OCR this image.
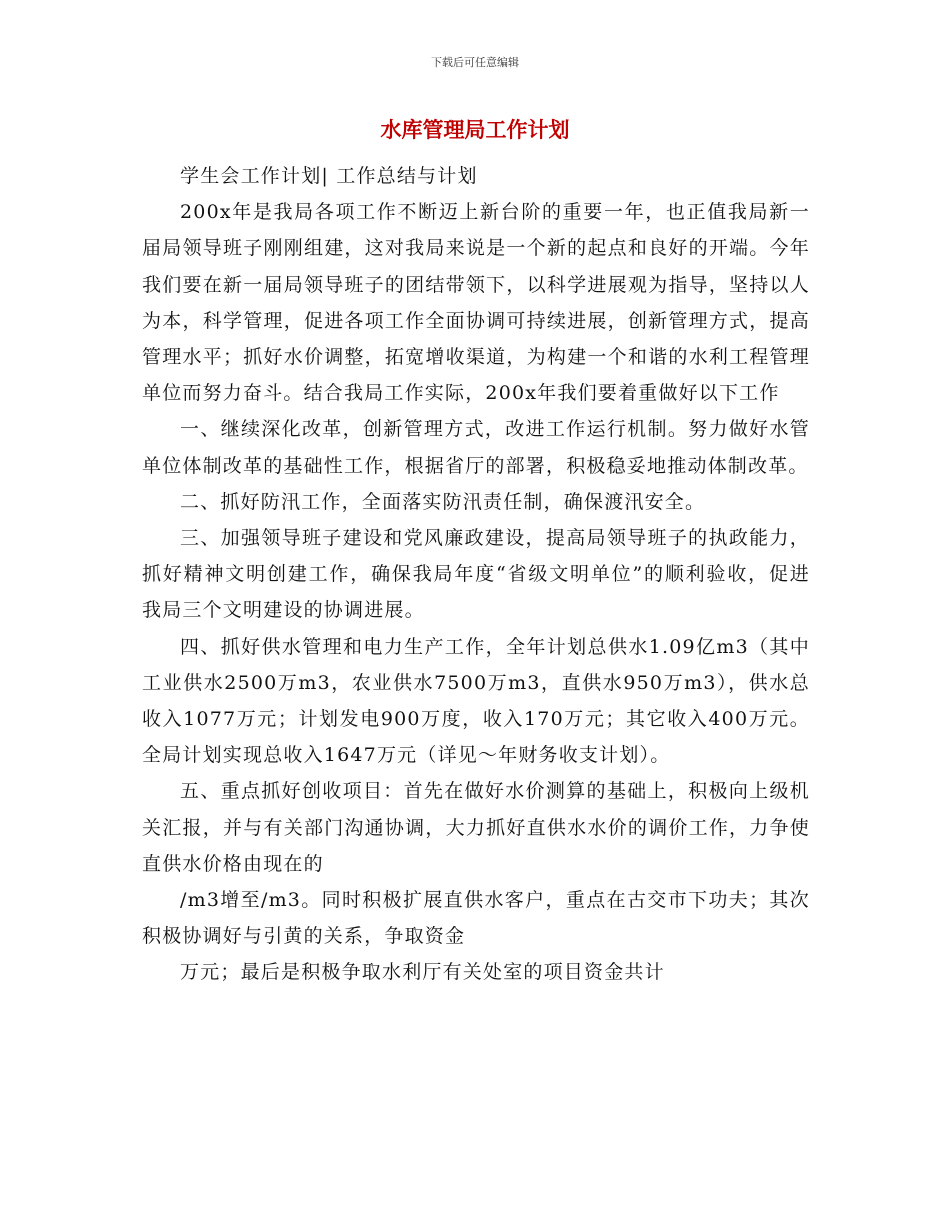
下载后可任意编辑
水库管理局工作计划

学生会工作计划| 工作总结与计划

200x年是我局各项工作不断迈上新台阶的重要一年，也正值我局新一届局领导班子刚刚组建，这对我局来说是一个新的起点和良好的开端。今年我们要在新一届局领导班子的团结带领下，以科学进展观为指导，坚持以人为本，科学管理，促进各项工作全面协调可持续进展，创新管理方式，提高管理水平；抓好水价调整，拓宽增收渠道，为构建一个和谐的水利工程管理单位而努力奋斗。结合我局工作实际，200x年我们要着重做好以下工作

一、继续深化改革，创新管理方式，改进工作运行机制。努力做好水管单位体制改革的基础性工作，根据省厅的部署，积极稳妥地推动体制改革。

二、抓好防汛工作，全面落实防汛责任制，确保渡汛安全。

三、加强领导班子建设和党风廉政建设，提高局领导班子的执政能力，抓好精神文明创建工作，确保我局年度“省级文明单位”的顺利验收，促进我局三个文明建设的协调进展。

四、抓好供水管理和电力生产工作，全年计划总供水1.09亿m3（其中工业供水2500万m3，农业供水7500万m3，直供水950万m3），供水总收入1077万元；计划发电900万度，收入170万元；其它收入400万元。全局计划实现总收入1647万元（详见～年财务收支计划）。

五、重点抓好创收项目：首先在做好水价测算的基础上，积极向上级机关汇报，并与有关部门沟通协调，大力抓好直供水水价的调价工作，力争使直供水价格由现在的

/m3增至/m3。同时积极扩展直供水客户，重点在古交市下功夫；其次积极协调好与引黄的关系，争取资金

万元；最后是积极争取水利厅有关处室的项目资金共计
